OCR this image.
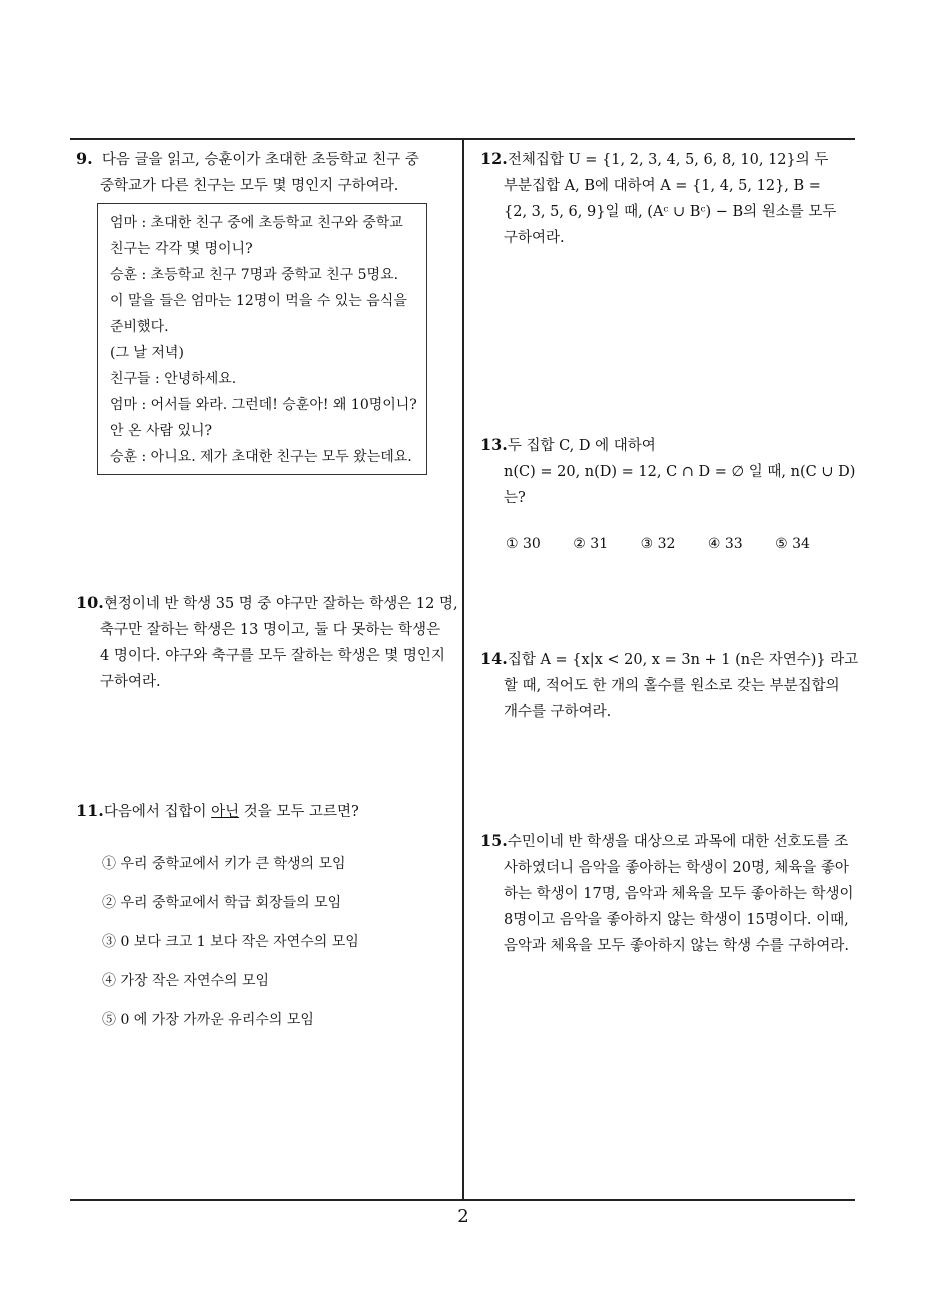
9. 다음 글을 읽고, 승훈이가 초대한 초등학교 친구 중
중학교가 다른 친구는 모두 몇 명인지 구하여라.
엄마 : 초대한 친구 중에 초등학교 친구와 중학교
친구는 각각 몇 명이니?
승훈 : 초등학교 친구 7명과 중학교 친구 5명요.
이 말을 들은 엄마는 12명이 먹을 수 있는 음식을
준비했다.
(그 날 저녁)
친구들 : 안녕하세요.
엄마 : 어서들 와라. 그런데! 승훈아! 왜 10명이니?
안 온 사람 있니?
승훈 : 아니요. 제가 초대한 친구는 모두 왔는데요.
10.현정이네 반 학생 35 명 중 야구만 잘하는 학생은 12 명,
축구만 잘하는 학생은 13 명이고, 둘 다 못하는 학생은
4 명이다. 야구와 축구를 모두 잘하는 학생은 몇 명인지
구하여라.
11.다음에서 집합이 아닌 것을 모두 고르면?
① 우리 중학교에서 키가 큰 학생의 모임
② 우리 중학교에서 학급 회장들의 모임
③ 0 보다 크고 1 보다 작은 자연수의 모임
④ 가장 작은 자연수의 모임
⑤ 0 에 가장 가까운 유리수의 모임
12.전체집합 U = {1, 2, 3, 4, 5, 6, 8, 10, 12}의 두
부분집합 A, B에 대하여 A = {1, 4, 5, 12}, B =
{2, 3, 5, 6, 9}일 때, (Aᶜ ∪ Bᶜ) − B의 원소를 모두
구하여라.
13.두 집합 C, D 에 대하여
n(C) = 20, n(D) = 12, C ∩ D = ∅ 일 때, n(C ∪ D)
는?
① 30 ② 31 ③ 32 ④ 33 ⑤ 34
14.집합 A = {x|x < 20, x = 3n + 1 (n은 자연수)} 라고
할 때, 적어도 한 개의 홀수를 원소로 갖는 부분집합의
개수를 구하여라.
15.수민이네 반 학생을 대상으로 과목에 대한 선호도를 조
사하였더니 음악을 좋아하는 학생이 20명, 체육을 좋아
하는 학생이 17명, 음악과 체육을 모두 좋아하는 학생이
8명이고 음악을 좋아하지 않는 학생이 15명이다. 이때,
음악과 체육을 모두 좋아하지 않는 학생 수를 구하여라.
2
